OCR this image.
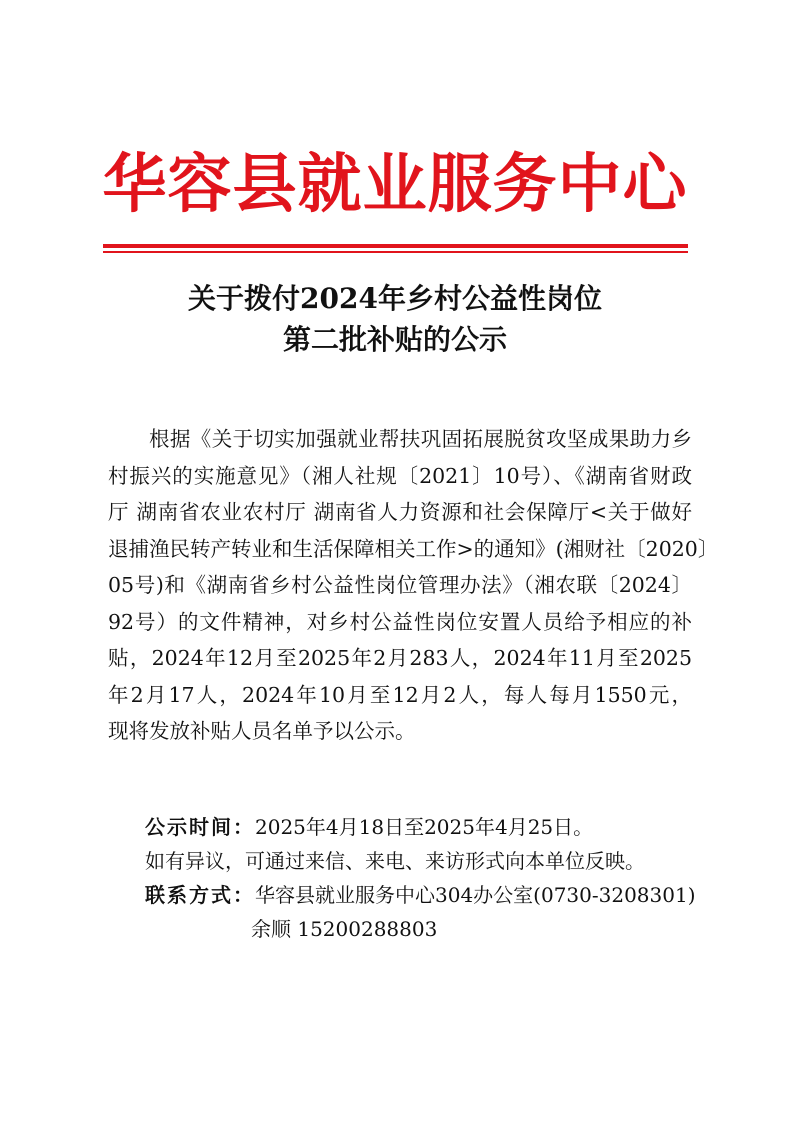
华容县就业服务中心
关于拨付2024年乡村公益性岗位
第二批补贴的公示
根据《关于切实加强就业帮扶巩固拓展脱贫攻坚成果助力乡
村振兴的实施意见》（湘人社规〔2021〕10号）、《湖南省财政
厅 湖南省农业农村厅 湖南省人力资源和社会保障厅<关于做好
退捕渔民转产转业和生活保障相关工作>的通知》(湘财社〔2020〕
05号)和《湖南省乡村公益性岗位管理办法》（湘农联〔2024〕
92号）的文件精神，对乡村公益性岗位安置人员给予相应的补
贴，2024年12月至2025年2月283人，2024年11月至2025
年2月17人，2024年10月至12月2人，每人每月1550元，
现将发放补贴人员名单予以公示。
公示时间：2025年4月18日至2025年4月25日。
如有异议，可通过来信、来电、来访形式向本单位反映。
联系方式：华容县就业服务中心304办公室(0730-3208301)
余顺 15200288803
